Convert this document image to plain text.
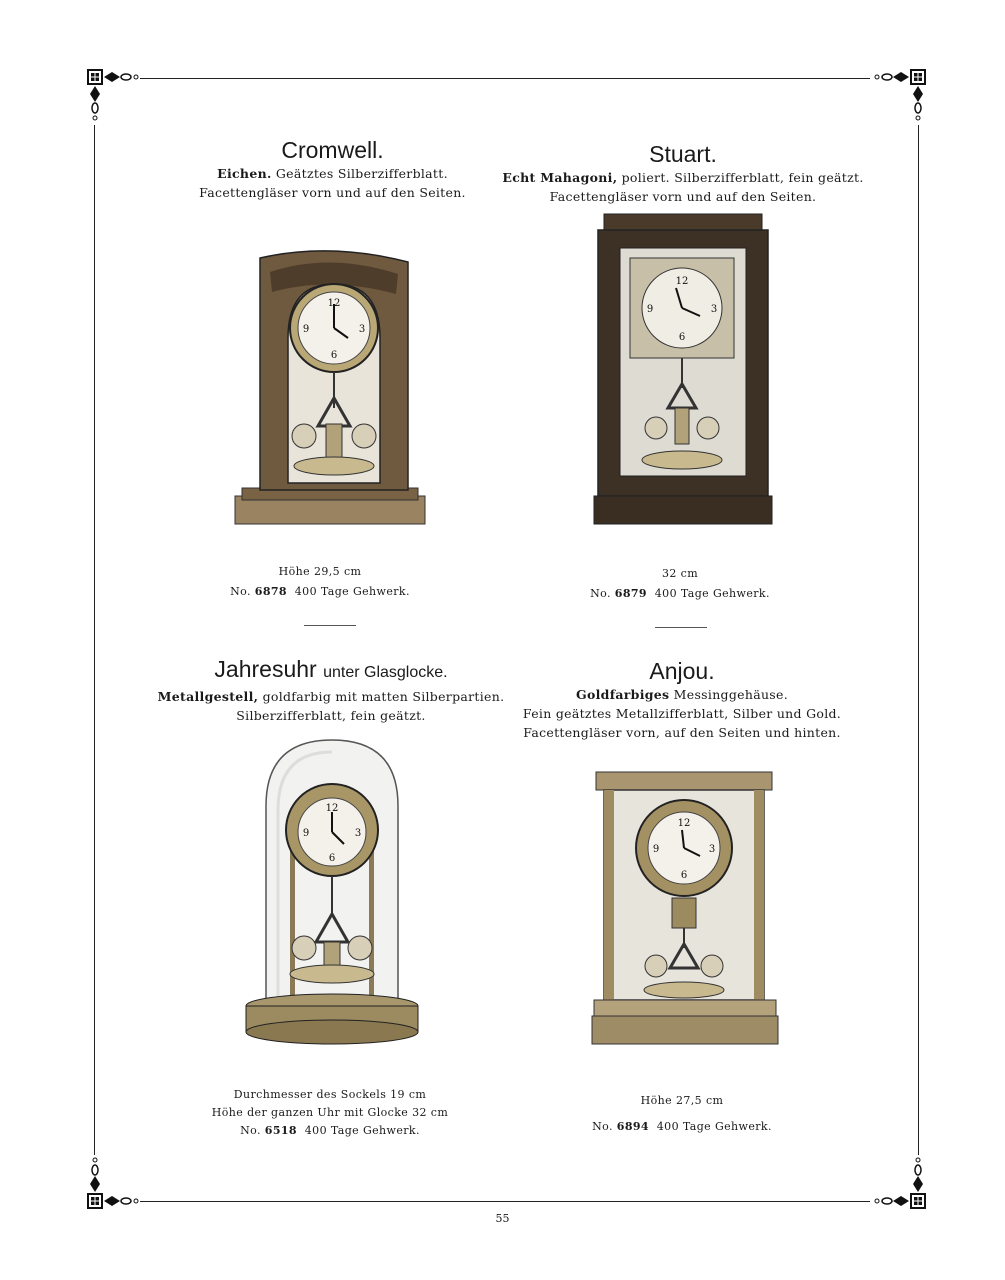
Cromwell.
Eichen. Geätztes Silberzifferblatt.
Facettengläser vorn und auf den Seiten.
12
6
9	3
Höhe 29,5 cm
No. 6878 400 Tage Gehwerk.
Stuart.
Echt Mahagoni, poliert. Silberzifferblatt, fein geätzt.
Facettengläser vorn und auf den Seiten.
12
6
9	3
32 cm
No. 6879 400 Tage Gehwerk.
Jahresuhr unter Glasglocke.
Metallgestell, goldfarbig mit matten Silberpartien.
Silberzifferblatt, fein geätzt.
12
6
9	3
Durchmesser des Sockels 19 cm
Höhe der ganzen Uhr mit Glocke 32 cm
No. 6518 400 Tage Gehwerk.
Anjou.
Goldfarbiges Messinggehäuse.
Fein geätztes Metallzifferblatt, Silber und Gold.
Facettengläser vorn, auf den Seiten und hinten.
12
6
9	3
Höhe 27,5 cm
No. 6894 400 Tage Gehwerk.
55
